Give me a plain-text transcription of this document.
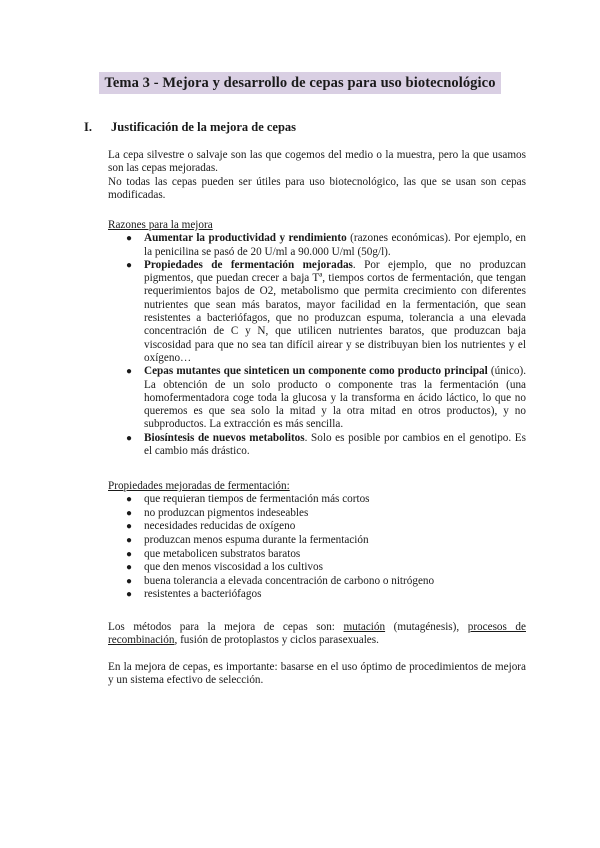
Tema 3 - Mejora y desarrollo de cepas para uso biotecnológico
I. Justificación de la mejora de cepas

La cepa silvestre o salvaje son las que cogemos del medio o la muestra, pero la que usamos son las cepas mejoradas.

No todas las cepas pueden ser útiles para uso biotecnológico, las que se usan son cepas modificadas.

Razones para la mejora

● Aumentar la productividad y rendimiento (razones económicas). Por ejemplo, en la penicilina se pasó de 20 U/ml a 90.000 U/ml (50g/l).
● Propiedades de fermentación mejoradas. Por ejemplo, que no produzcan pigmentos, que puedan crecer a baja Tª, tiempos cortos de fermentación, que tengan requerimientos bajos de O2, metabolismo que permita crecimiento con diferentes nutrientes que sean más baratos, mayor facilidad en la fermentación, que sean resistentes a bacteriófagos, que no produzcan espuma, tolerancia a una elevada concentración de C y N, que utilicen nutrientes baratos, que produzcan baja viscosidad para que no sea tan difícil airear y se distribuyan bien los nutrientes y el oxígeno…
● Cepas mutantes que sinteticen un componente como producto principal (único). La obtención de un solo producto o componente tras la fermentación (una homofermentadora coge toda la glucosa y la transforma en ácido láctico, lo que no queremos es que sea solo la mitad y la otra mitad en otros productos), y no subproductos. La extracción es más sencilla.
● Biosíntesis de nuevos metabolitos. Solo es posible por cambios en el genotipo. Es el cambio más drástico.

Propiedades mejoradas de fermentación:

● que requieran tiempos de fermentación más cortos
● no produzcan pigmentos indeseables
● necesidades reducidas de oxígeno
● produzcan menos espuma durante la fermentación
● que metabolicen substratos baratos
● que den menos viscosidad a los cultivos
● buena tolerancia a elevada concentración de carbono o nitrógeno
● resistentes a bacteriófagos

Los métodos para la mejora de cepas son: mutación (mutagénesis), procesos de recombinación, fusión de protoplastos y ciclos parasexuales.

En la mejora de cepas, es importante: basarse en el uso óptimo de procedimientos de mejora y un sistema efectivo de selección.
